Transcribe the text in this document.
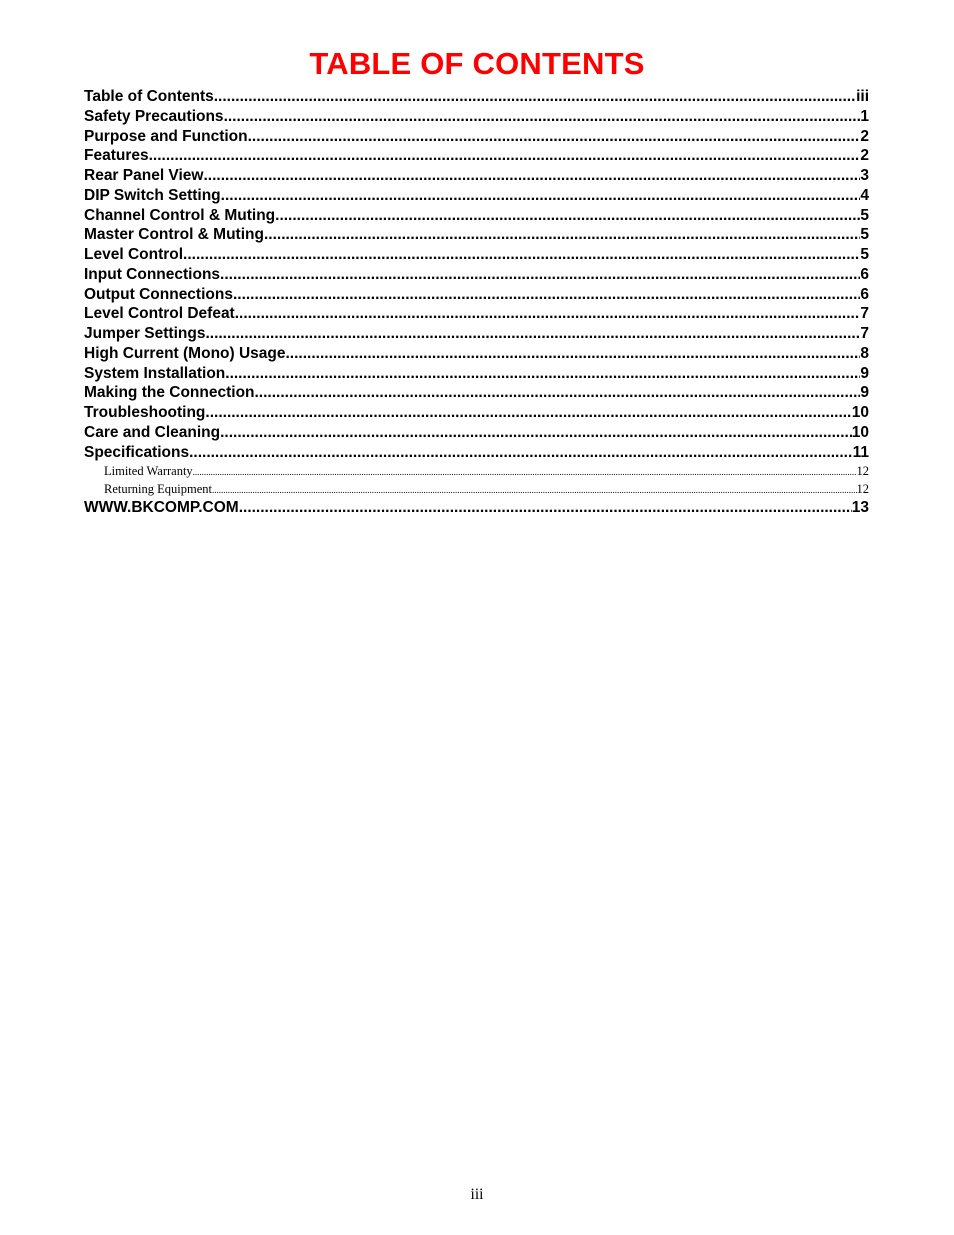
TABLE OF CONTENTS
Table of Contents .....	iii
Safety Precautions .....	1
Purpose and Function .....	2
Features .....	2
Rear Panel View .....	3
DIP Switch Setting .....	4
Channel Control & Muting .....	5
Master Control & Muting .....	5
Level Control .....	5
Input Connections .....	6
Output Connections .....	6
Level Control Defeat .....	7
Jumper Settings .....	7
High Current (Mono) Usage .....	8
System Installation .....	9
Making the Connection .....	9
Troubleshooting .....	10
Care and Cleaning .....	10
Specifications .....	11
Limited Warranty .....	12
Returning Equipment .....	12
WWW.BKCOMP.COM .....	13
iii
